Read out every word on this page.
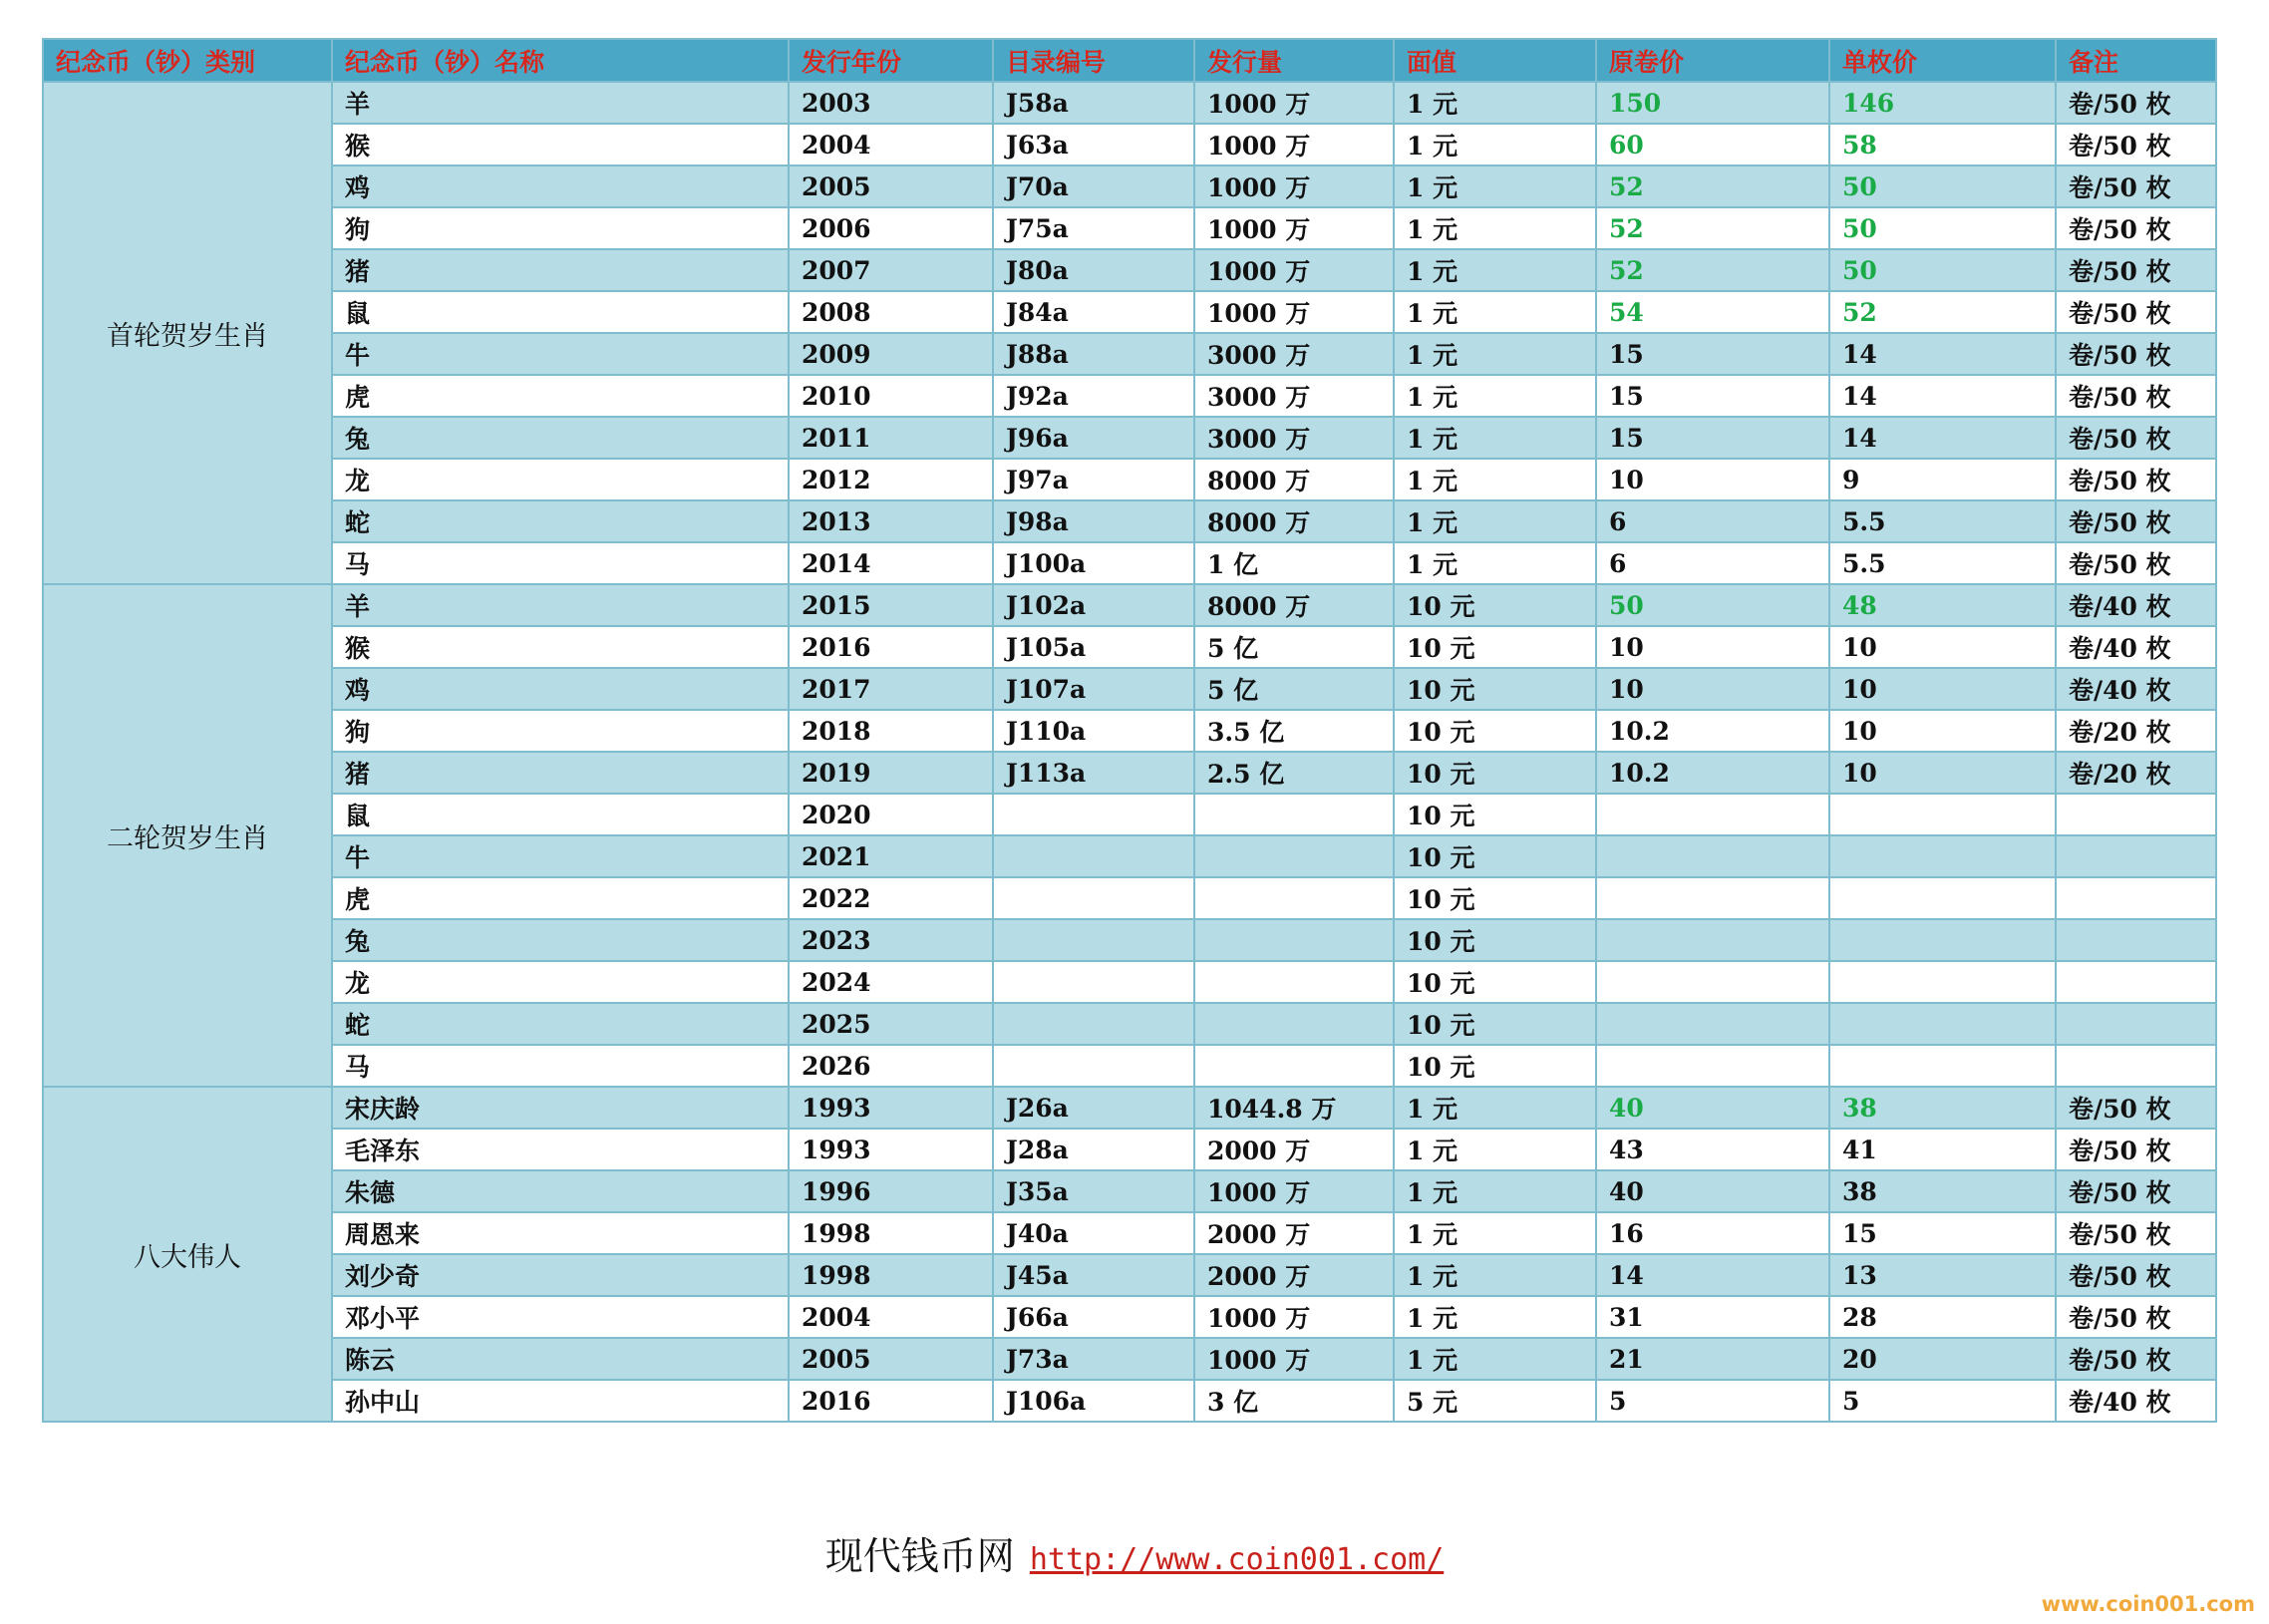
纪念币（钞）类别	纪念币（钞）名称	发行年份	目录编号	发行量	面值	原卷价	单枚价	备注
首轮贺岁生肖	羊	2003	J58a	1000 万	1 元	150	146	卷/50 枚
	猴	2004	J63a	1000 万	1 元	60	58	卷/50 枚
	鸡	2005	J70a	1000 万	1 元	52	50	卷/50 枚
	狗	2006	J75a	1000 万	1 元	52	50	卷/50 枚
	猪	2007	J80a	1000 万	1 元	52	50	卷/50 枚
	鼠	2008	J84a	1000 万	1 元	54	52	卷/50 枚
	牛	2009	J88a	3000 万	1 元	15	14	卷/50 枚
	虎	2010	J92a	3000 万	1 元	15	14	卷/50 枚
	兔	2011	J96a	3000 万	1 元	15	14	卷/50 枚
	龙	2012	J97a	8000 万	1 元	10	9	卷/50 枚
	蛇	2013	J98a	8000 万	1 元	6	5.5	卷/50 枚
	马	2014	J100a	1 亿	1 元	6	5.5	卷/50 枚
二轮贺岁生肖	羊	2015	J102a	8000 万	10 元	50	48	卷/40 枚
	猴	2016	J105a	5 亿	10 元	10	10	卷/40 枚
	鸡	2017	J107a	5 亿	10 元	10	10	卷/40 枚
	狗	2018	J110a	3.5 亿	10 元	10.2	10	卷/20 枚
	猪	2019	J113a	2.5 亿	10 元	10.2	10	卷/20 枚
	鼠	2020			10 元			
	牛	2021			10 元			
	虎	2022			10 元			
	兔	2023			10 元			
	龙	2024			10 元			
	蛇	2025			10 元			
	马	2026			10 元			
八大伟人	宋庆龄	1993	J26a	1044.8 万	1 元	40	38	卷/50 枚
	毛泽东	1993	J28a	2000 万	1 元	43	41	卷/50 枚
	朱德	1996	J35a	1000 万	1 元	40	38	卷/50 枚
	周恩来	1998	J40a	2000 万	1 元	16	15	卷/50 枚
	刘少奇	1998	J45a	2000 万	1 元	14	13	卷/50 枚
	邓小平	2004	J66a	1000 万	1 元	31	28	卷/50 枚
	陈云	2005	J73a	1000 万	1 元	21	20	卷/50 枚
	孙中山	2016	J106a	3 亿	5 元	5	5	卷/40 枚
现代钱币网 http://www.coin001.com/
www.coin001.com
